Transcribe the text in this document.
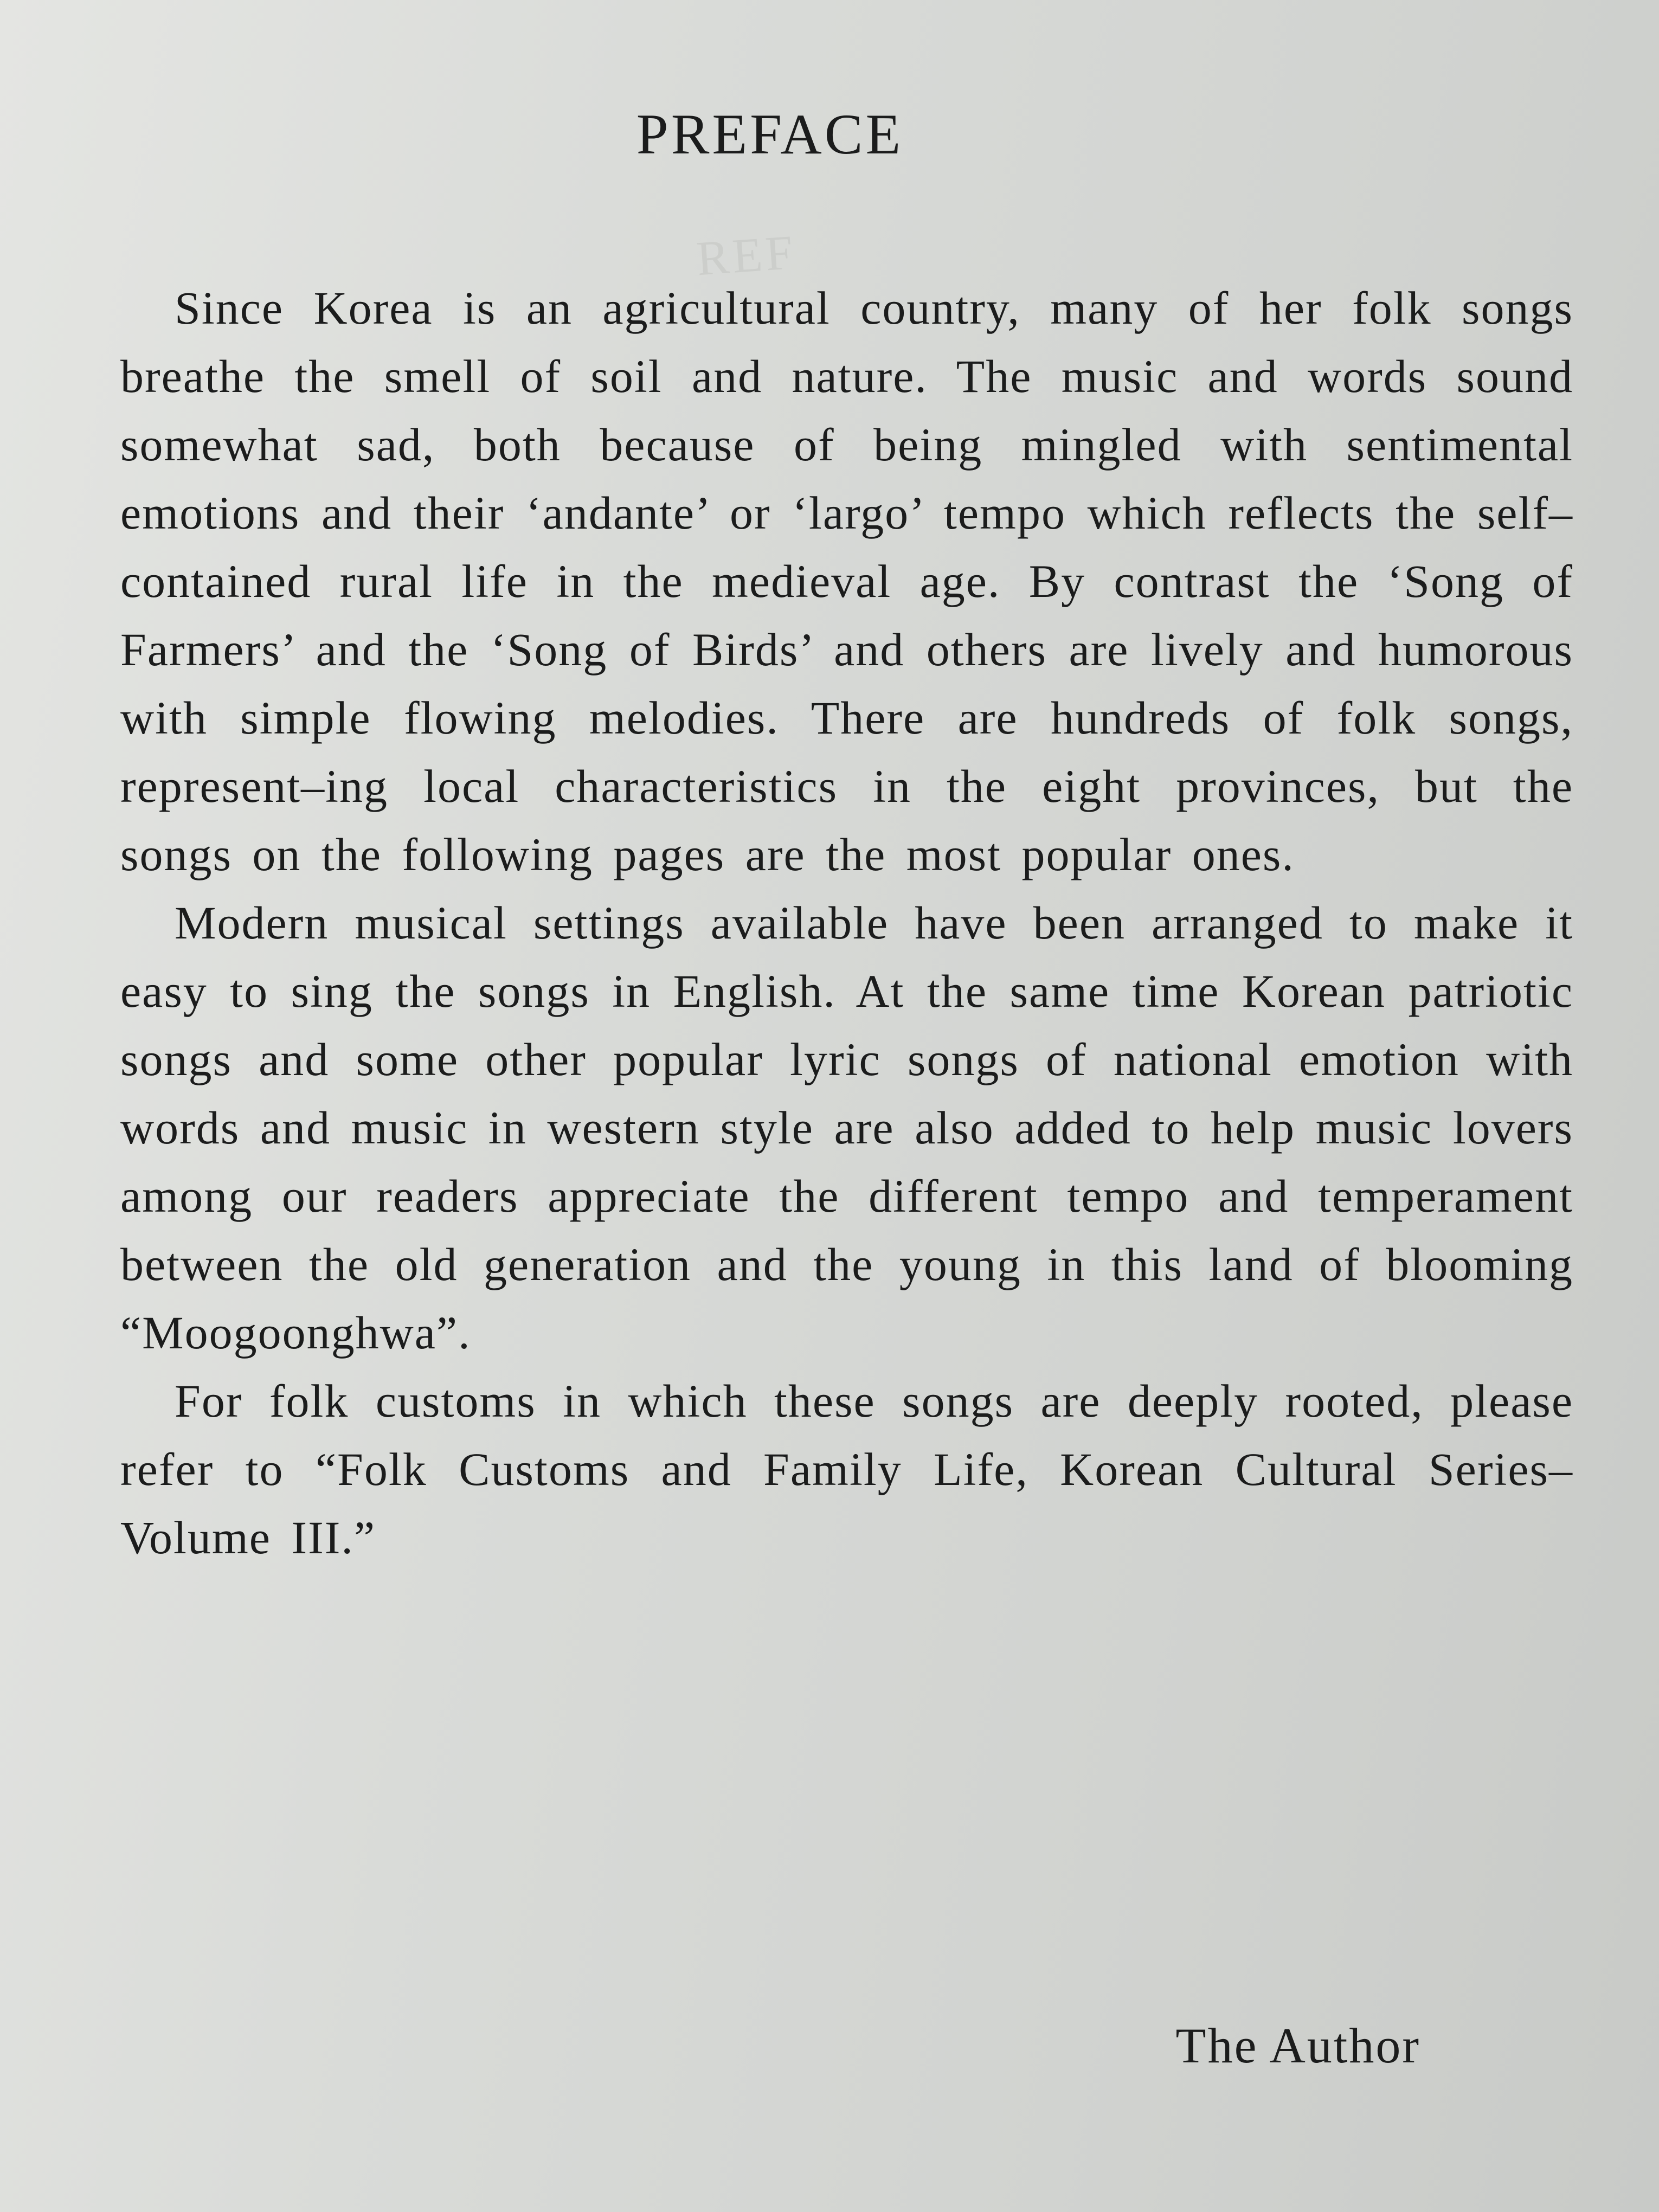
PREFACE
REF

Since Korea is an agricultural country, many of her folk songs breathe the smell of soil and nature. The music and words sound somewhat sad, both because of being mingled with sentimental emotions and their ‘andante’ or ‘largo’ tempo which reflects the self–contained rural life in the medieval age. By contrast the ‘Song of Farmers’ and the ‘Song of Birds’ and others are lively and humorous with simple flowing melodies. There are hundreds of folk songs, represent–ing local characteristics in the eight provinces, but the songs on the following pages are the most popular ones.

Modern musical settings available have been arranged to make it easy to sing the songs in English. At the same time Korean patriotic songs and some other popular lyric songs of national emotion with words and music in western style are also added to help music lovers among our readers appreciate the different tempo and temperament between the old generation and the young in this land of blooming “Moogoonghwa”.

For folk customs in which these songs are deeply rooted, please refer to “Folk Customs and Family Life, Korean Cultural Series–Volume III.”

The Author
